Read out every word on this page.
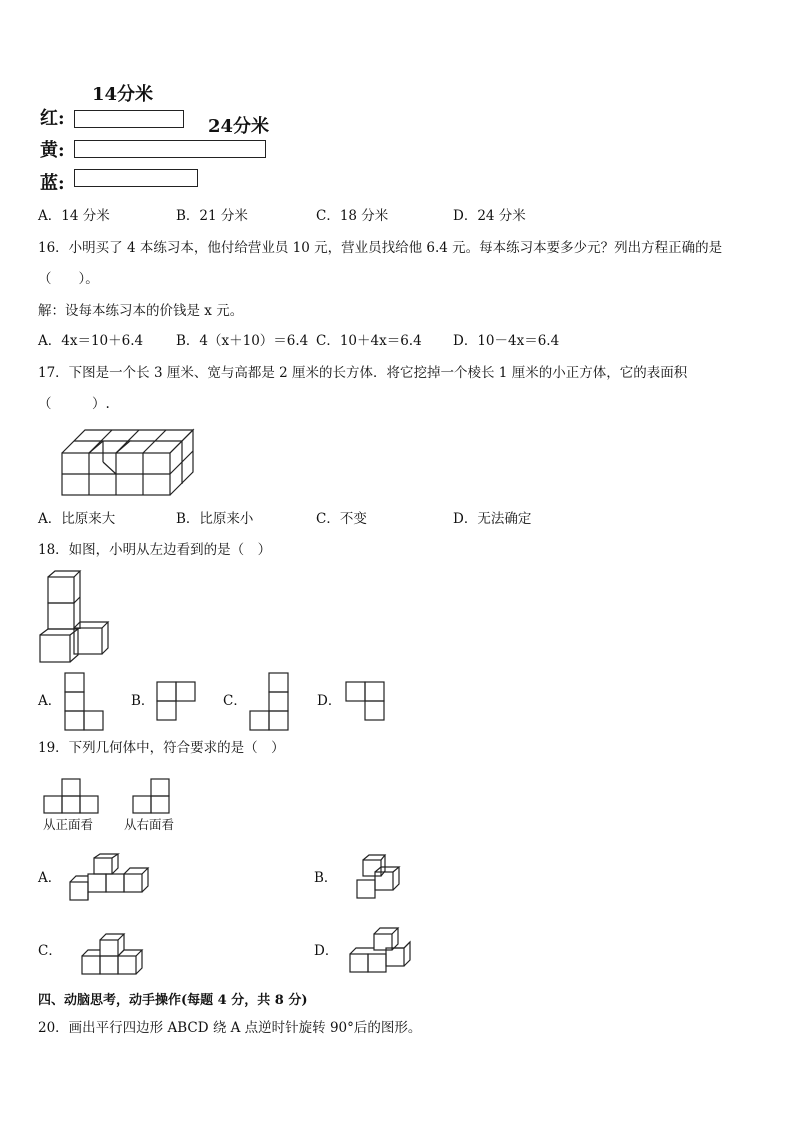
14分米
红:	24分米
黄:
蓝:
A．14 分米	B．21 分米	C．18 分米	D．24 分米
16．小明买了 4 本练习本，他付给营业员 10 元，营业员找给他 6.4 元。每本练习本要多少元？列出方程正确的是
（　　）。
解：设每本练习本的价钱是 x 元。
A．4x＝10＋6.4 B．4（x＋10）＝6.4 C．10＋4x＝6.4 D．10－4x＝6.4
17．下图是一个长 3 厘米、宽与高都是 2 厘米的长方体．将它挖掉一个棱长 1 厘米的小正方体，它的表面积
（　　　）.
A．比原来大	B．比原来小	C．不变	D．无法确定
18．如图，小明从左边看到的是（　）
A．	B．	C．	D．
19．下列几何体中，符合要求的是（　）
从正面看 从右面看
A．	B．
C．	D．
四、动脑思考，动手操作(每题 4 分，共 8 分)
20．画出平行四边形 ABCD 绕 A 点逆时针旋转 90°后的图形。
